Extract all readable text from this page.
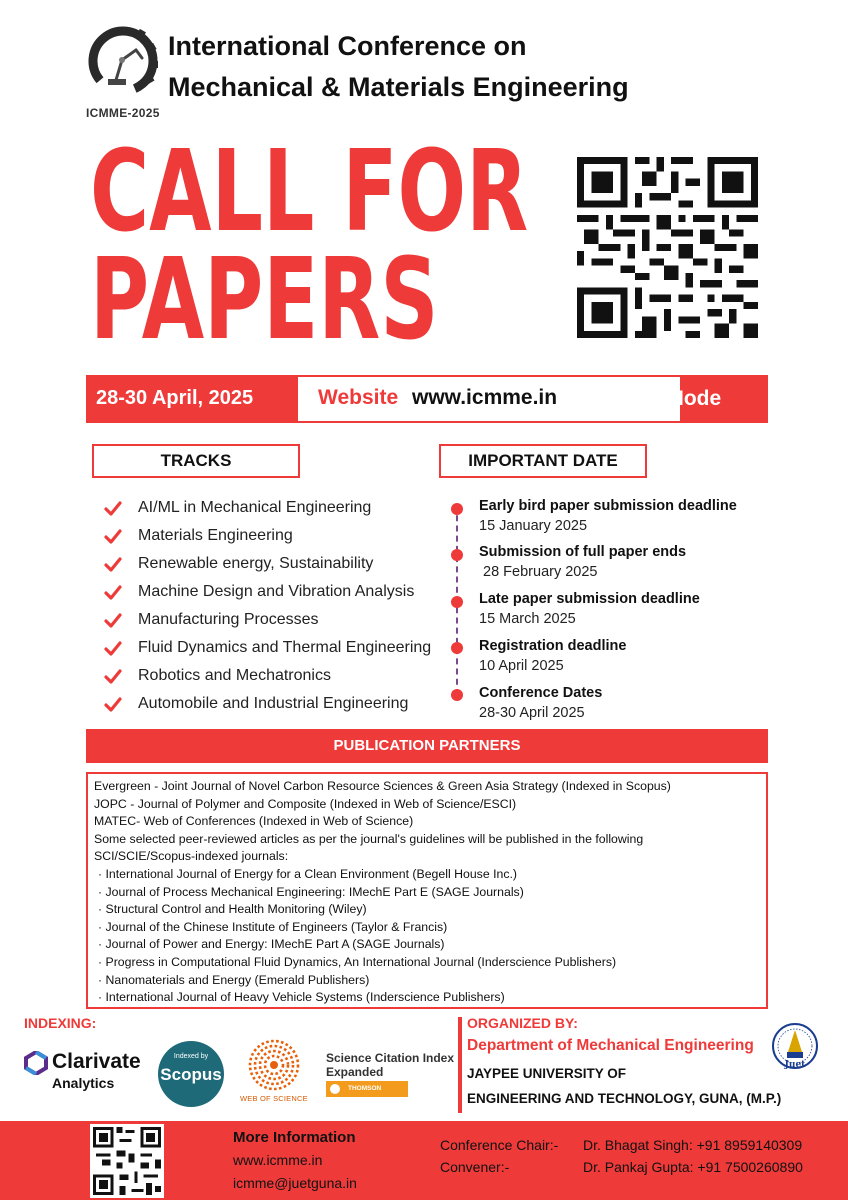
ICMME-2025
International Conference on
Mechanical & Materials Engineering
CALL FOR
PAPERS
28-30 April, 2025	Website www.icmme.in Hybrid Mode
TRACKS	IMPORTANT DATE
AI/ML in Mechanical Engineering
Materials Engineering
Renewable energy, Sustainability
Machine Design and Vibration Analysis
Manufacturing Processes
Fluid Dynamics and Thermal Engineering
Robotics and Mechatronics
Automobile and Industrial Engineering
Early bird paper submission deadline
15 January 2025
Submission of full paper ends
28 February 2025
Late paper submission deadline
15 March 2025
Registration deadline
10 April 2025
Conference Dates
28-30 April 2025
PUBLICATION PARTNERS
Evergreen - Joint Journal of Novel Carbon Resource Sciences & Green Asia Strategy (Indexed in Scopus)
JOPC - Journal of Polymer and Composite (Indexed in Web of Science/ESCI)
MATEC- Web of Conferences (Indexed in Web of Science)
Some selected peer-reviewed articles as per the journal's guidelines will be published in the following
SCI/SCIE/Scopus-indexed journals:
· International Journal of Energy for a Clean Environment (Begell House Inc.)
· Journal of Process Mechanical Engineering: IMechE Part E (SAGE Journals)
· Structural Control and Health Monitoring (Wiley)
· Journal of the Chinese Institute of Engineers (Taylor & Francis)
· Journal of Power and Energy: IMechE Part A (SAGE Journals)
· Progress in Computational Fluid Dynamics, An International Journal (Inderscience Publishers)
· Nanomaterials and Energy (Emerald Publishers)
· International Journal of Heavy Vehicle Systems (Inderscience Publishers)
INDEXING:
Clarivate
Analytics
Indexed by
Scopus
WEB OF SCIENCE
Science Citation Index
Expanded
THOMSON REUTERS
ORGANIZED BY:
Department of Mechanical Engineering
JAYPEE UNIVERSITY OF
ENGINEERING AND TECHNOLOGY, GUNA, (M.P.)
Juet
More Information
www.icmme.in
icmme@juetguna.in
Conference Chair:- Dr. Bhagat Singh: +91 8959140309
Convener:-	Dr. Pankaj Gupta: +91 7500260890
